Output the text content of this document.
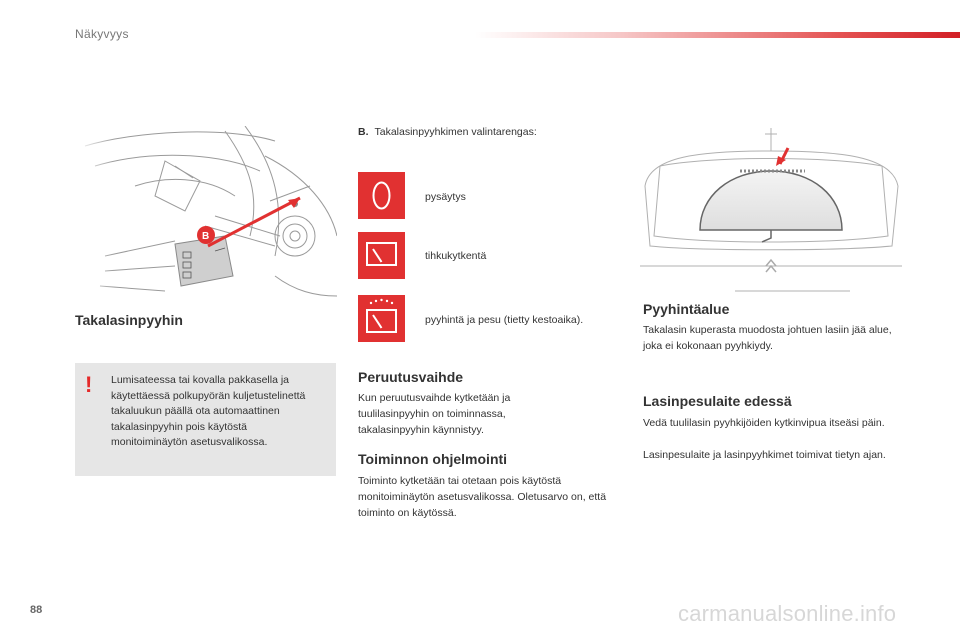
Näkyvyys
Takalasinpyyhin
! Lumisateessa tai kovalla pakkasella ja käytettäessä polkupyörän kuljetustelinettä takaluukun päällä ota automaattinen takalasinpyyhin pois käytöstä monitoiminäytön asetusvalikossa.
B. Takalasinpyyhkimen valintarengas:
pysäytys
tihkukytkentä
pyyhintä ja pesu (tietty kestoaika).
Peruutusvaihde
Kun peruutusvaihde kytketään ja tuulilasinpyyhin on toiminnassa, takalasinpyyhin käynnistyy.
Toiminnon ohjelmointi
Toiminto kytketään tai otetaan pois käytöstä monitoiminäytön asetusvalikossa. Oletusarvo on, että toiminto on käytössä.
Pyyhintäalue
Takalasin kuperasta muodosta johtuen lasiin jää alue, joka ei kokonaan pyyhkiydy.
Lasinpesulaite edessä
Vedä tuulilasin pyyhkijöiden kytkinvipua itseäsi päin.
Lasinpesulaite ja lasinpyyhkimet toimivat tietyn ajan.
88	carmanualsonline.info
